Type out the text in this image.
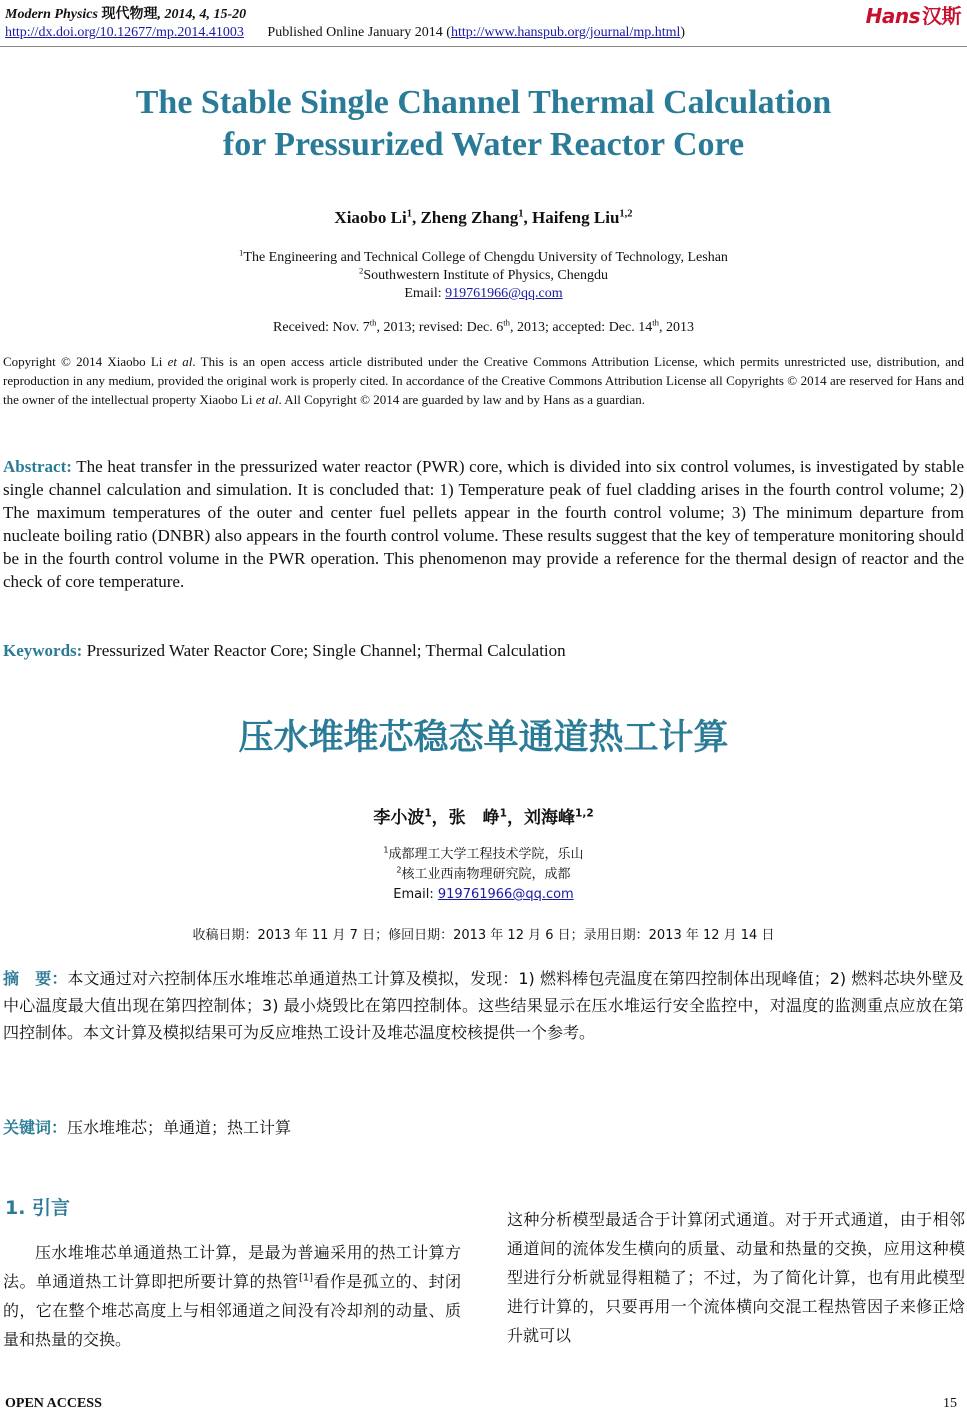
Modern Physics 现代物理, 2014, 4, 15-20
http://dx.doi.org/10.12677/mp.2014.41003 Published Online January 2014 (http://www.hanspub.org/journal/mp.html)
Hans 汉斯
The Stable Single Channel Thermal Calculation
for Pressurized Water Reactor Core
Xiaobo Li$^1$, Zheng Zhang$^1$, Haifeng Liu$^{1,2}$
$^1$The Engineering and Technical College of Chengdu University of Technology, Leshan
$^2$Southwestern Institute of Physics, Chengdu
Email: 919761966@qq.com
Received: Nov. 7th, 2013; revised: Dec. 6th, 2013; accepted: Dec. 14th, 2013
Copyright © 2014 Xiaobo Li et al. This is an open access article distributed under the Creative Commons Attribution License, which permits unrestricted use, distribution, and reproduction in any medium, provided the original work is properly cited. In accordance of the Creative Commons Attribution License all Copyrights © 2014 are reserved for Hans and the owner of the intellectual property Xiaobo Li et al. All Copyright © 2014 are guarded by law and by Hans as a guardian.
Abstract: The heat transfer in the pressurized water reactor (PWR) core, which is divided into six control volumes, is investigated by stable single channel calculation and simulation. It is concluded that: 1) Temperature peak of fuel cladding arises in the fourth control volume; 2) The maximum temperatures of the outer and center fuel pellets appear in the fourth control volume; 3) The minimum departure from nucleate boiling ratio (DNBR) also appears in the fourth control volume. These results suggest that the key of temperature monitoring should be in the fourth control volume in the PWR operation. This phenomenon may provide a reference for the thermal design of reactor and the check of core temperature.
Keywords: Pressurized Water Reactor Core; Single Channel; Thermal Calculation
压水堆堆芯稳态单通道热工计算
李小波$^1$，张　峥$^1$，刘海峰$^{1,2}$
$^1$成都理工大学工程技术学院，乐山
$^2$核工业西南物理研究院，成都
Email: 919761966@qq.com
收稿日期：2013 年 11 月 7 日；修回日期：2013 年 12 月 6 日；录用日期：2013 年 12 月 14 日
摘　要：本文通过对六控制体压水堆堆芯单通道热工计算及模拟，发现：1) 燃料棒包壳温度在第四控制体出现峰值；2) 燃料芯块外壁及中心温度最大值出现在第四控制体；3) 最小烧毁比在第四控制体。这些结果显示在压水堆运行安全监控中，对温度的监测重点应放在第四控制体。本文计算及模拟结果可为反应堆热工设计及堆芯温度校核提供一个参考。
关键词：压水堆堆芯；单通道；热工计算
1. 引言

压水堆堆芯单通道热工计算，是最为普遍采用的热工计算方法。单通道热工计算即把所要计算的热管[1]看作是孤立的、封闭的，它在整个堆芯高度上与相邻通道之间没有冷却剂的动量、质量和热量的交换。

这种分析模型最适合于计算闭式通道。对于开式通道，由于相邻通道间的流体发生横向的质量、动量和热量的交换，应用这种模型进行分析就显得粗糙了；不过，为了简化计算，也有用此模型进行计算的，只要再用一个流体横向交混工程热管因子来修正焓升就可以

OPEN ACCESS	15
